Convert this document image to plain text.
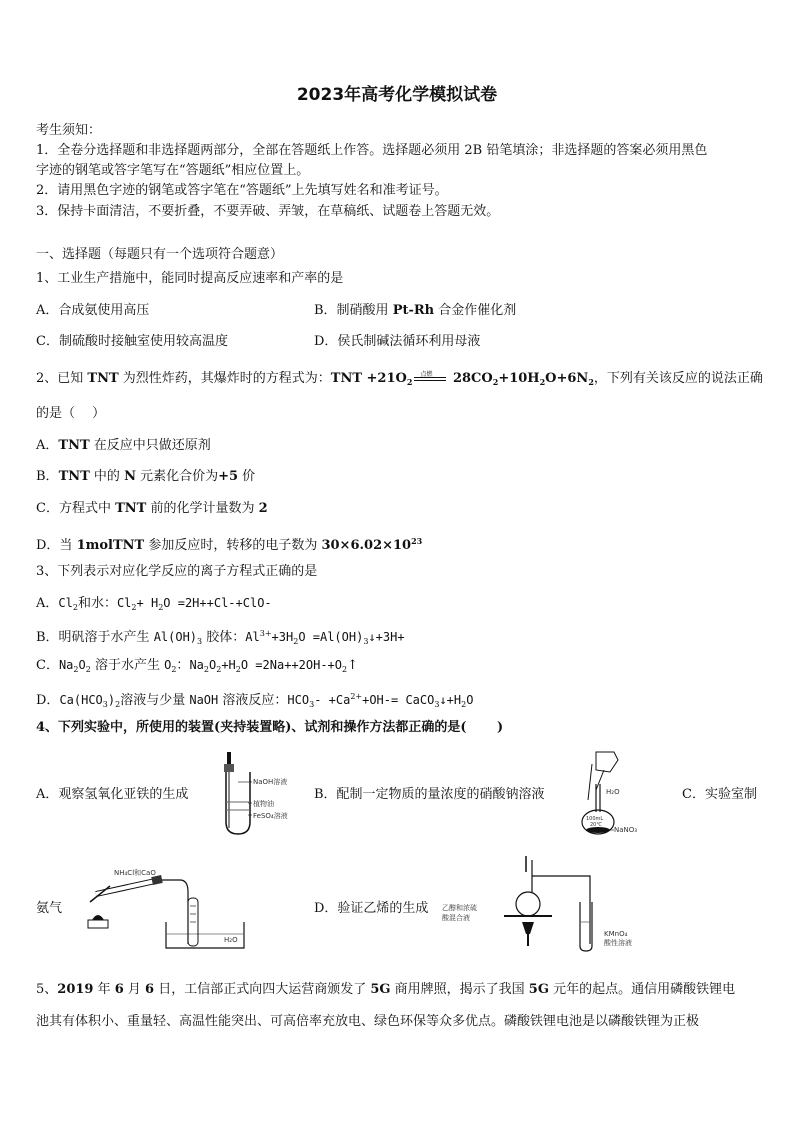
2023年高考化学模拟试卷
考生须知：
1．全卷分选择题和非选择题两部分，全部在答题纸上作答。选择题必须用 2B 铅笔填涂；非选择题的答案必须用黑色
字迹的钢笔或答字笔写在“答题纸”相应位置上。
2．请用黑色字迹的钢笔或答字笔在“答题纸”上先填写姓名和准考证号。
3．保持卡面清洁，不要折叠，不要弄破、弄皱，在草稿纸、试题卷上答题无效。
一、选择题（每题只有一个选项符合题意）
1、工业生产措施中，能同时提高反应速率和产率的是
A．合成氨使用高压	B．制硝酸用 Pt-Rh 合金作催化剂
C．制硫酸时接触室使用较高温度	D．侯氏制碱法循环利用母液
2、已知 TNT 为烈性炸药，其爆炸时的方程式为：TNT $+21O_2$
点燃 $28CO_2+10H_2O+6N_2$，下列有关该反应的说法正确
的是（　 ）
A．TNT 在反应中只做还原剂
B．TNT 中的 N 元素化合价为+5 价
C．方程式中 TNT 前的化学计量数为 2
D．当 1molTNT 参加反应时，转移的电子数为 $30\times 6.02\times 10^{23}$
3、下列表示对应化学反应的离子方程式正确的是
A．$Cl_2$和水：$Cl_2+ H_2O =2H++Cl-+ClO-$
B．明矾溶于水产生 $Al(OH)_3$ 胶体：$Al^{3+}+3H_2O$ $=Al(OH)_3↓+3H+$
C．$Na_2O_2$ 溶于水产生 $O_2$：$Na_2O_2+H_2O$ $=2Na++2OH-+O_2↑$
D．$Ca(HCO_3)_2$溶液与少量 NaOH 溶液反应：$HCO_3- +Ca^{2+}+OH-=$ $CaCO_3↓+H_2O$
4、下列实验中，所使用的装置(夹持装置略)、试剂和操作方法都正确的是(　 　)
A．观察氢氧化亚铁的生成
NaOH溶液
植物油
FeSO₄溶液
B．配制一定物质的量浓度的硝酸钠溶液	H₂O
100mL
20℃
NaNO₃
C．实验室制
氨气
NH₄Cl和CaO
H₂O
D．验证乙烯的生成 乙醇和浓硫
酸混合液
KMnO₄
酸性溶液
5、2019 年 6 月 6 日，工信部正式向四大运营商颁发了 5G 商用牌照，揭示了我国 5G 元年的起点。通信用磷酸铁锂电
池其有体积小、重量轻、高温性能突出、可高倍率充放电、绿色环保等众多优点。磷酸铁锂电池是以磷酸铁锂为正极
